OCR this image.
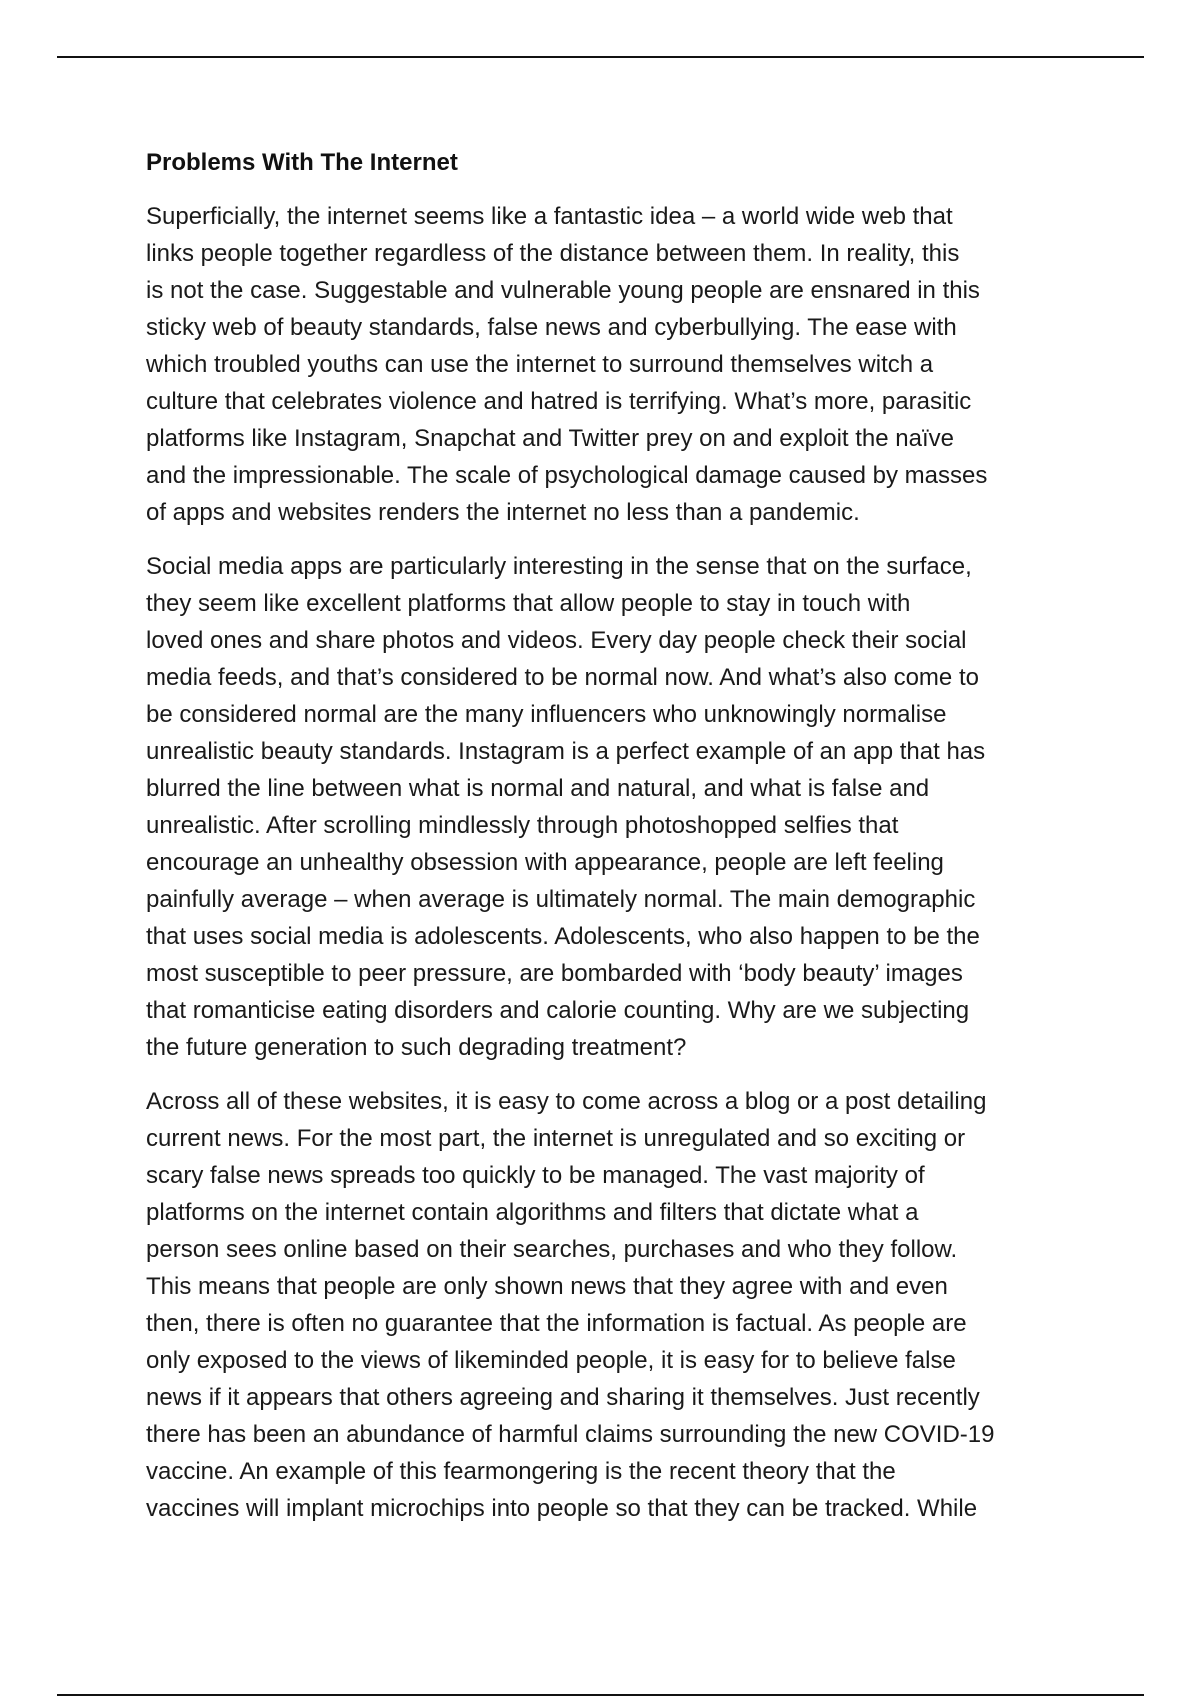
Problems With The Internet

Superficially, the internet seems like a fantastic idea – a world wide web that
links people together regardless of the distance between them. In reality, this
is not the case. Suggestable and vulnerable young people are ensnared in this
sticky web of beauty standards, false news and cyberbullying. The ease with
which troubled youths can use the internet to surround themselves witch a
culture that celebrates violence and hatred is terrifying. What’s more, parasitic
platforms like Instagram, Snapchat and Twitter prey on and exploit the naïve
and the impressionable. The scale of psychological damage caused by masses
of apps and websites renders the internet no less than a pandemic.

Social media apps are particularly interesting in the sense that on the surface,
they seem like excellent platforms that allow people to stay in touch with
loved ones and share photos and videos. Every day people check their social
media feeds, and that’s considered to be normal now. And what’s also come to
be considered normal are the many influencers who unknowingly normalise
unrealistic beauty standards. Instagram is a perfect example of an app that has
blurred the line between what is normal and natural, and what is false and
unrealistic. After scrolling mindlessly through photoshopped selfies that
encourage an unhealthy obsession with appearance, people are left feeling
painfully average – when average is ultimately normal. The main demographic
that uses social media is adolescents. Adolescents, who also happen to be the
most susceptible to peer pressure, are bombarded with ‘body beauty’ images
that romanticise eating disorders and calorie counting. Why are we subjecting
the future generation to such degrading treatment?

Across all of these websites, it is easy to come across a blog or a post detailing
current news. For the most part, the internet is unregulated and so exciting or
scary false news spreads too quickly to be managed. The vast majority of
platforms on the internet contain algorithms and filters that dictate what a
person sees online based on their searches, purchases and who they follow.
This means that people are only shown news that they agree with and even
then, there is often no guarantee that the information is factual. As people are
only exposed to the views of likeminded people, it is easy for to believe false
news if it appears that others agreeing and sharing it themselves. Just recently
there has been an abundance of harmful claims surrounding the new COVID-19
vaccine. An example of this fearmongering is the recent theory that the
vaccines will implant microchips into people so that they can be tracked. While
